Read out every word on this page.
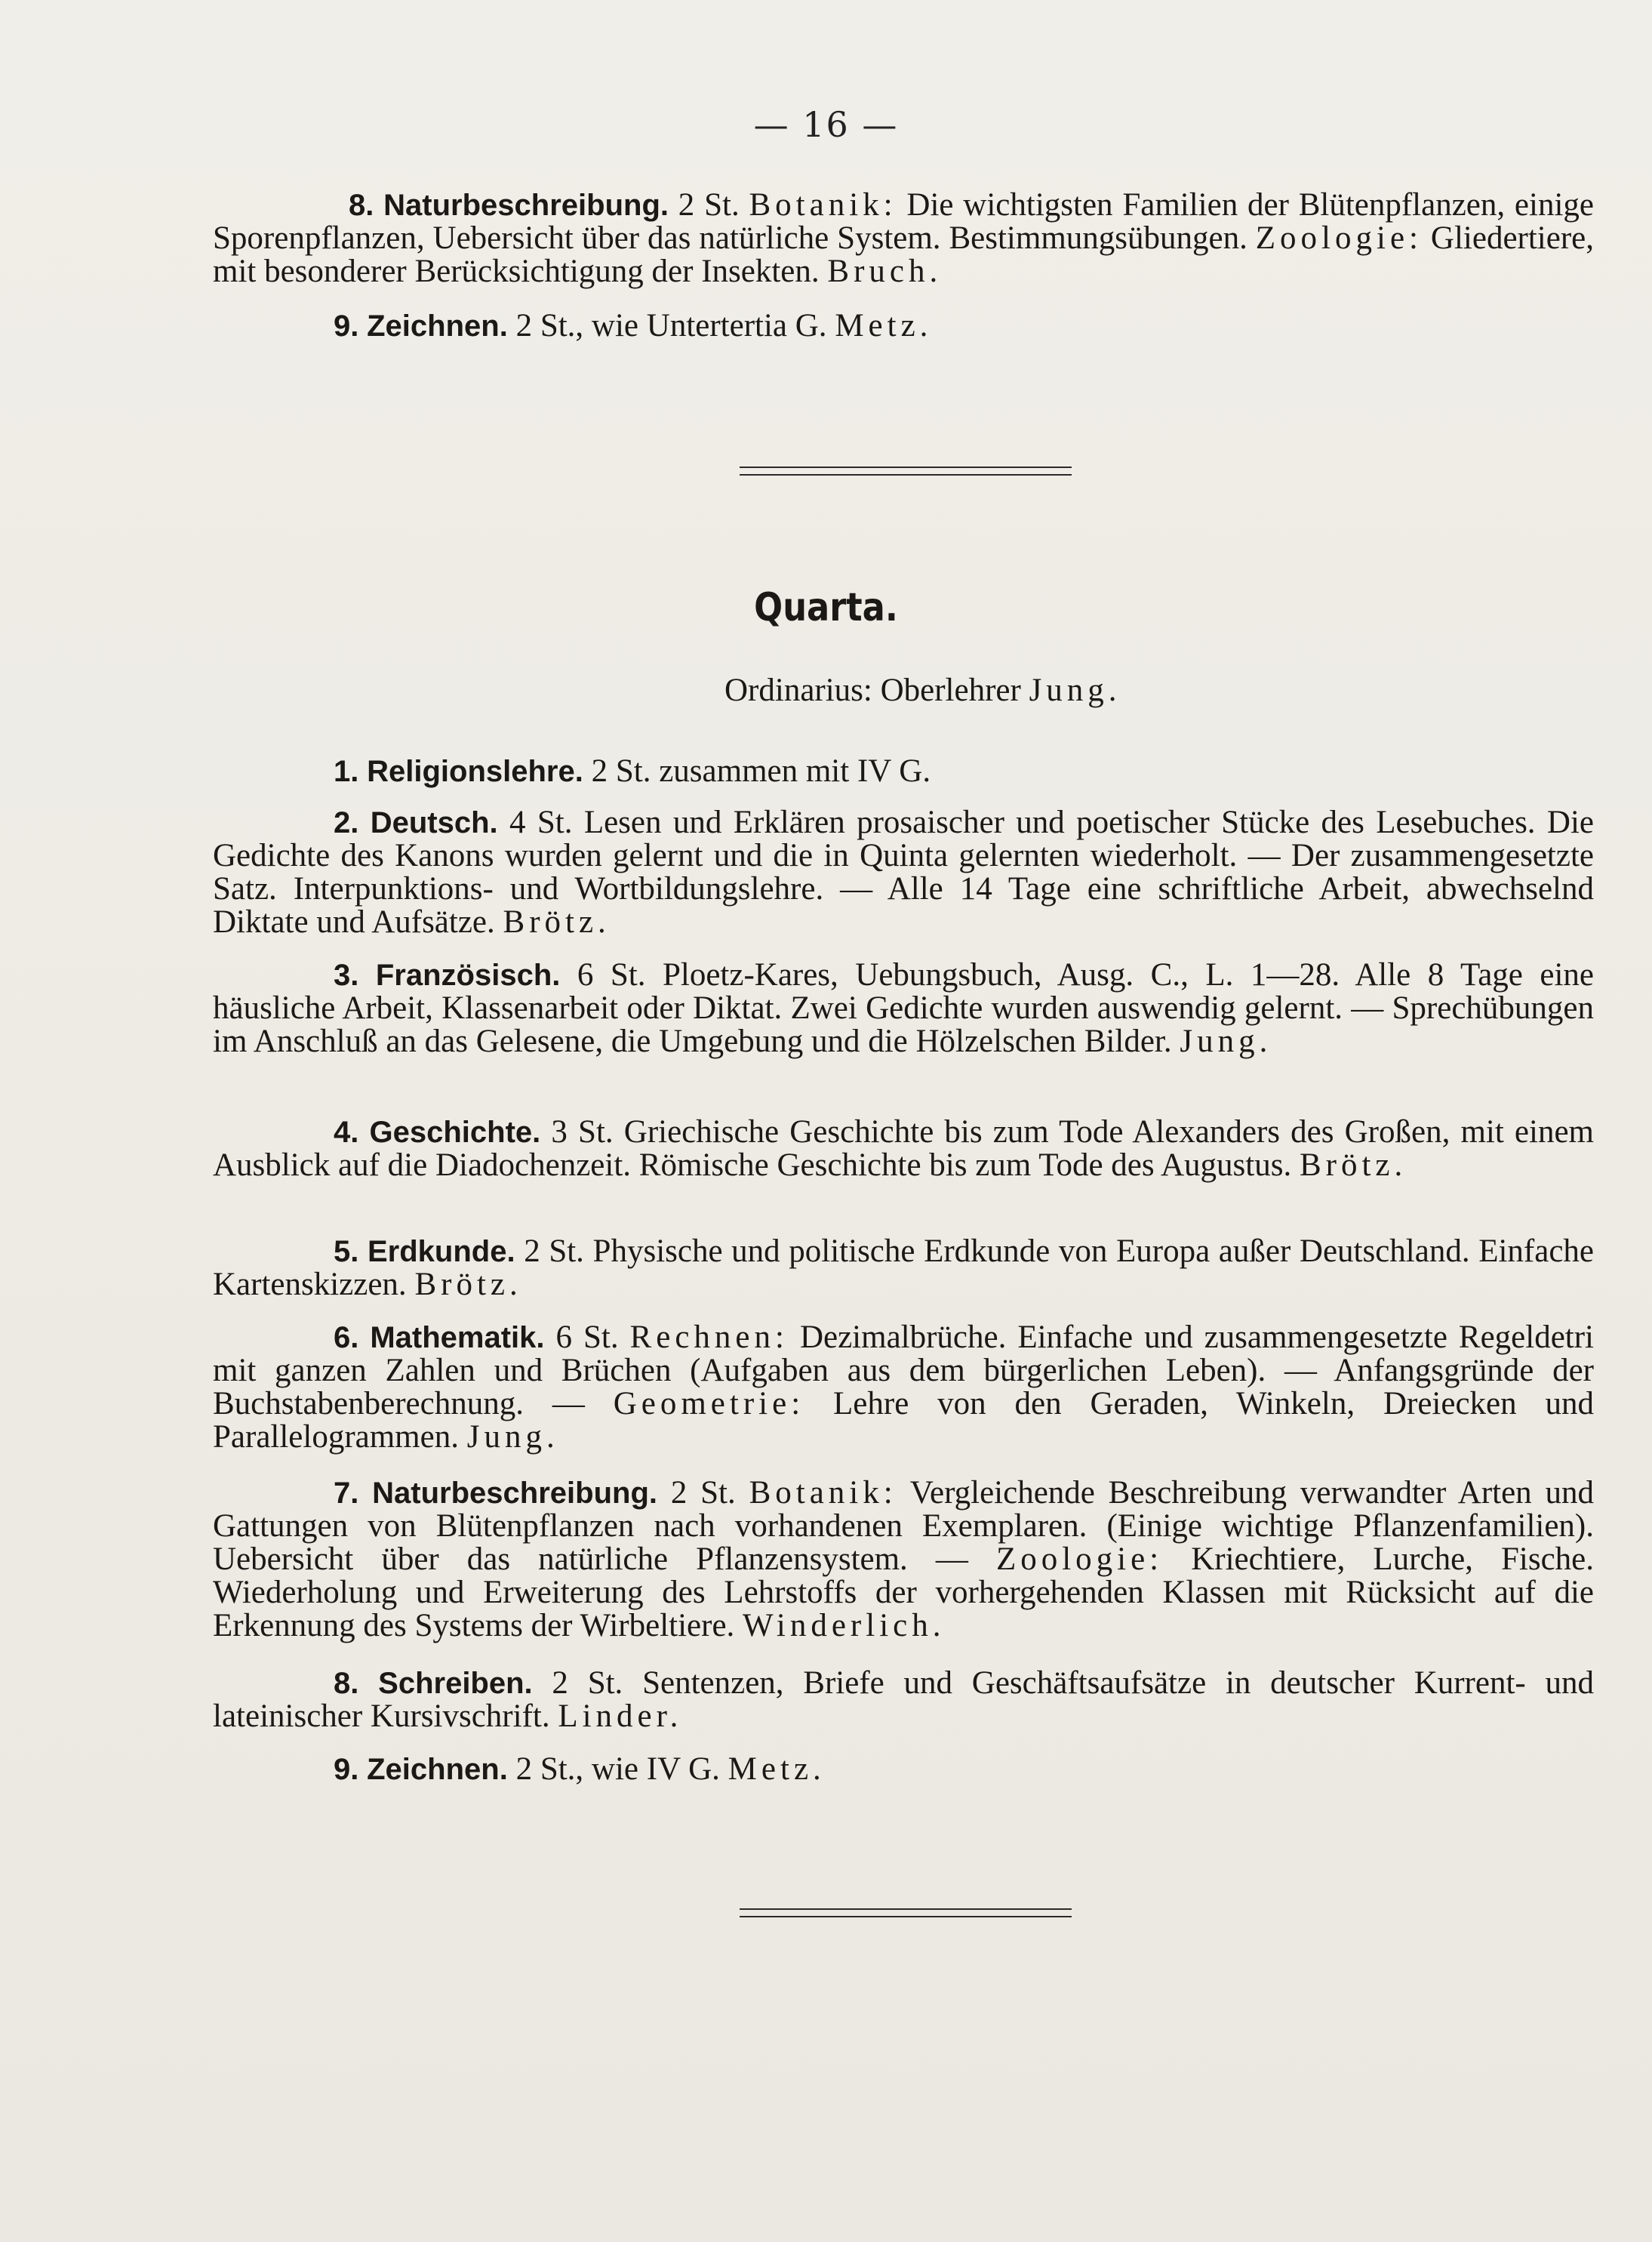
— 16 —

8. Naturbeschreibung. 2 St. Botanik: Die wichtigsten Familien der Blütenpflanzen, einige Sporenpflanzen, Uebersicht über das natürliche System. Bestimmungsübungen. Zoologie: Gliedertiere, mit besonderer Berücksichtigung der Insekten. Bruch.

9. Zeichnen. 2 St., wie Untertertia G. Metz.

Quarta.
Ordinarius: Oberlehrer Jung.

1. Religionslehre. 2 St. zusammen mit IV G.

2. Deutsch. 4 St. Lesen und Erklären prosaischer und poetischer Stücke des Lesebuches. Die Gedichte des Kanons wurden gelernt und die in Quinta gelernten wiederholt. — Der zusammengesetzte Satz. Interpunktions- und Wortbildungslehre. — Alle 14 Tage eine schriftliche Arbeit, abwechselnd Diktate und Aufsätze. Brötz.

3. Französisch. 6 St. Ploetz-Kares, Uebungsbuch, Ausg. C., L. 1—28. Alle 8 Tage eine häusliche Arbeit, Klassenarbeit oder Diktat. Zwei Gedichte wurden auswendig gelernt. — Sprechübungen im Anschluß an das Gelesene, die Umgebung und die Hölzelschen Bilder. Jung.

4. Geschichte. 3 St. Griechische Geschichte bis zum Tode Alexanders des Großen, mit einem Ausblick auf die Diadochenzeit. Römische Geschichte bis zum Tode des Augustus. Brötz.

5. Erdkunde. 2 St. Physische und politische Erdkunde von Europa außer Deutschland. Einfache Kartenskizzen. Brötz.

6. Mathematik. 6 St. Rechnen: Dezimalbrüche. Einfache und zusammengesetzte Regeldetri mit ganzen Zahlen und Brüchen (Aufgaben aus dem bürgerlichen Leben). — Anfangsgründe der Buchstabenberechnung. — Geometrie: Lehre von den Geraden, Winkeln, Dreiecken und Parallelogrammen. Jung.

7. Naturbeschreibung. 2 St. Botanik: Vergleichende Beschreibung verwandter Arten und Gattungen von Blütenpflanzen nach vorhandenen Exemplaren. (Einige wichtige Pflanzenfamilien). Uebersicht über das natürliche Pflanzensystem. — Zoologie: Kriechtiere, Lurche, Fische. Wiederholung und Erweiterung des Lehrstoffs der vorhergehenden Klassen mit Rücksicht auf die Erkennung des Systems der Wirbeltiere. Winderlich.

8. Schreiben. 2 St. Sentenzen, Briefe und Geschäftsaufsätze in deutscher Kurrent- und lateinischer Kursivschrift. Linder.

9. Zeichnen. 2 St., wie IV G. Metz.
